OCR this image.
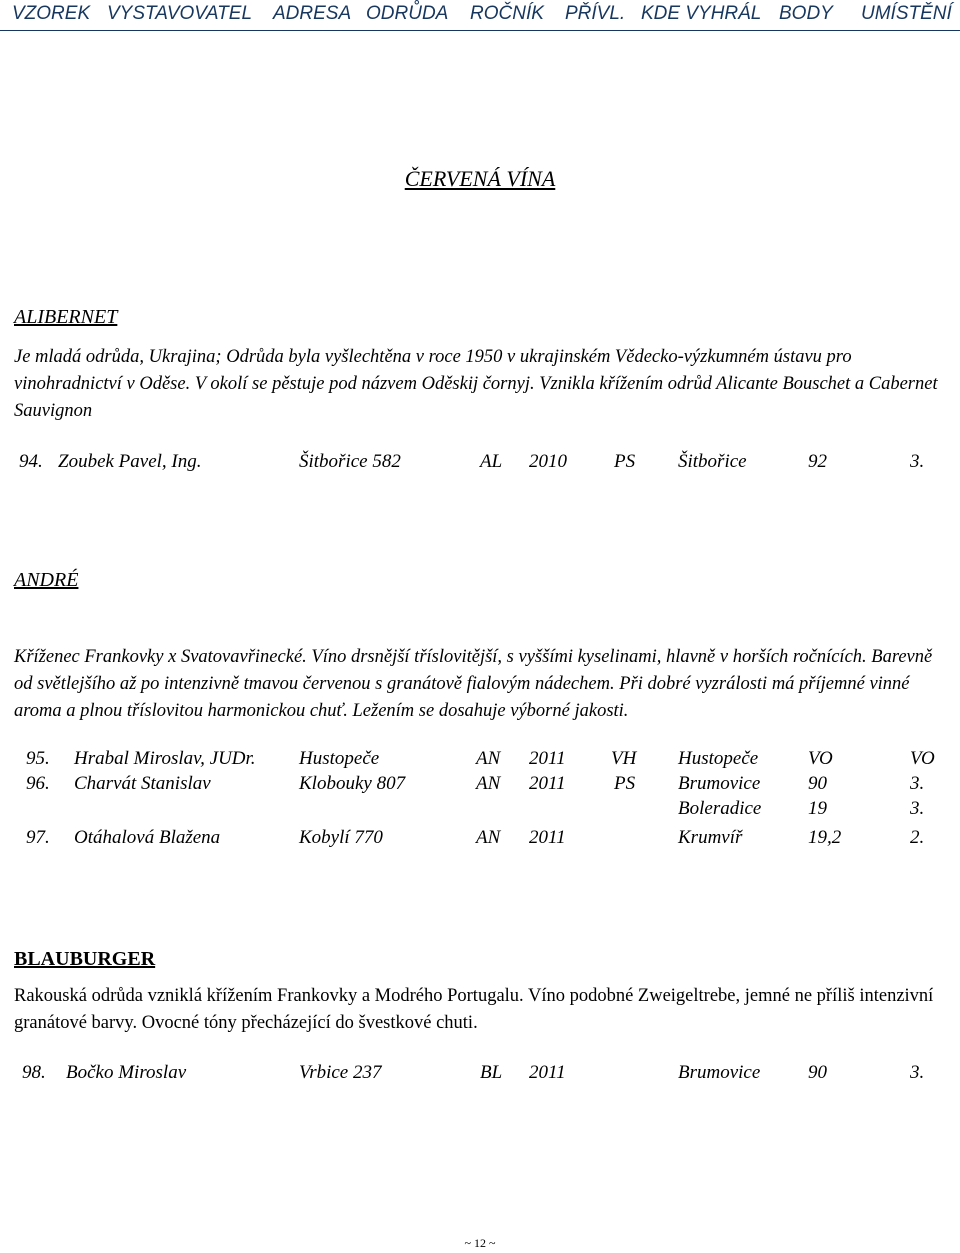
VZOREK VYSTAVOVATEL ADRESA ODRŮDA ROČNÍK PŘÍVL. KDE VYHRÁL BODY UMÍSTĚNÍ
ČERVENÁ VÍNA
ALIBERNET
Je mladá odrůda, Ukrajina; Odrůda byla vyšlechtěna v roce 1950 v ukrajinském Vědecko-výzkumném ústavu pro vinohradnictví v Oděse. V okolí se pěstuje pod názvem Oděskij čornyj. Vznikla křížením odrůd Alicante Bouschet a Cabernet Sauvignon
94. Zoubek Pavel, Ing.	Šitbořice 582	AL 2010 PS Šitbořice	92	3.
ANDRÉ
Kříženec Frankovky x Svatovavřinecké. Víno drsnější tříslovitější, s vyššími kyselinami, hlavně v horších ročnících. Barevně od světlejšího až po intenzivně tmavou červenou s granátově fialovým nádechem. Při dobré vyzrálosti má příjemné vinné aroma a plnou tříslovitou harmonickou chuť. Ležením se dosahuje výborné jakosti.
95. Hrabal Miroslav, JUDr. Hustopeče	AN 2011 VH Hustopeče	VO	VO
96. Charvát Stanislav	Klobouky 807	AN 2011	PS Brumovice	90	3.
Boleradice 19	3.
97. Otáhalová Blažena	Kobylí 770	AN 2011	Krumvíř	19,2	2.
BLAUBURGER
Rakouská odrůda vzniklá křížením Frankovky a Modrého Portugalu. Víno podobné Zweigeltrebe, jemné ne příliš intenzivní granátové barvy. Ovocné tóny přecházející do švestkové chuti.
98. Bočko Miroslav	Vrbice 237	BL 2011	Brumovice	90	3.
~ 12 ~
